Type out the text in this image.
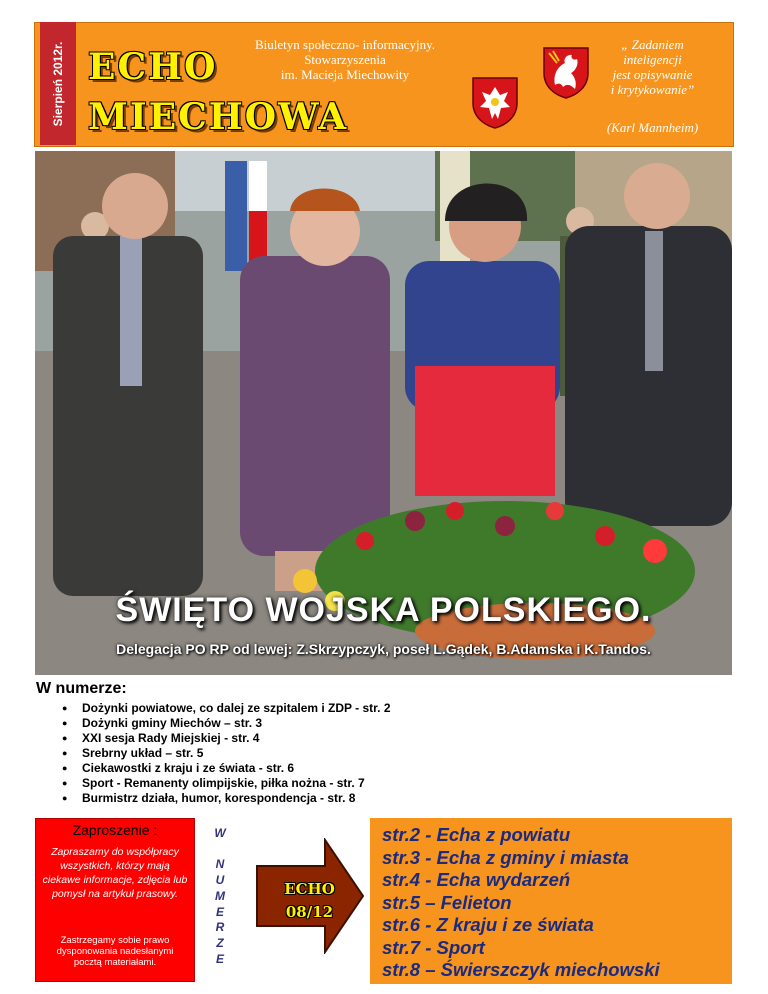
Sierpień 2012r. ECHO
MIECHOWA
Biuletyn społeczno- informacyjny.
Stowarzyszenia
im. Macieja Miechowity
„ Zadaniem
inteligencji
jest opisywanie
i krytykowanie”
(Karl Mannheim)
ŚWIĘTO WOJSKA POLSKIEGO.
Delegacja PO RP od lewej: Z.Skrzypczyk, poseł L.Gądek, B.Adamska i K.Tandos.
W numerze:
● Dożynki powiatowe, co dalej ze szpitalem i ZDP - str. 2
● Dożynki gminy Miechów – str. 3
● XXI sesja Rady Miejskiej - str. 4
● Srebrny układ – str. 5
● Ciekawostki z kraju i ze świata - str. 6
● Sport - Remanenty olimpijskie, piłka nożna - str. 7
● Burmistrz działa, humor, korespondencja - str. 8
Zaproszenie :
Zapraszamy do współpracy wszystkich, którzy mają ciekawe informacje, zdjęcia lub pomysł na artykuł prasowy.
Zastrzegamy sobie prawo dysponowania nadesłanymi pocztą materiałami.
W

N
U
M
E
R
Z
E
ECHO
08/12
str.2 - Echa z powiatu
str.3 - Echa z gminy i miasta
str.4 - Echa wydarzeń
str.5 – Felieton
str.6 - Z kraju i ze świata
str.7 - Sport
str.8 – Świerszczyk miechowski
